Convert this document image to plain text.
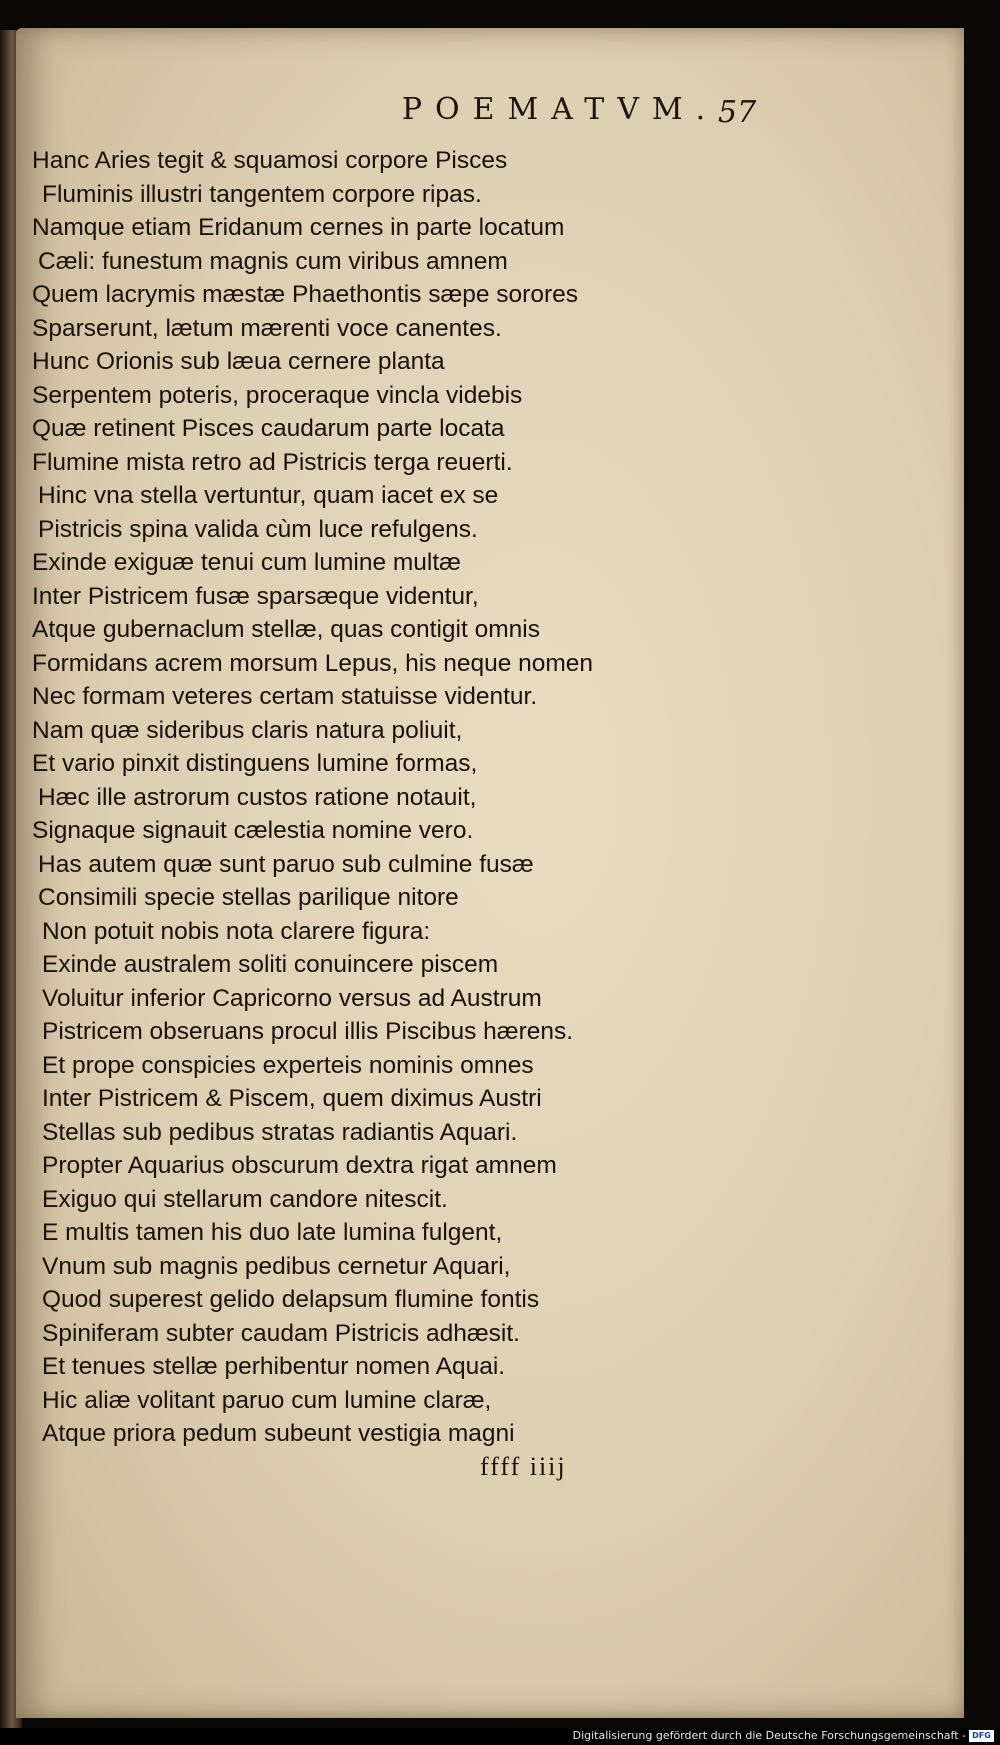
POEMATVM. 57
Hanc Aries tegit & squamosi corpore Pisces
Fluminis illustri tangentem corpore ripas.
Namque etiam Eridanum cernes in parte locatum
Cæli: funestum magnis cum viribus amnem
Quem lacrymis mæstæ Phaethontis sæpe sorores
Sparserunt, lætum mærenti voce canentes.
Hunc Orionis sub læua cernere planta
Serpentem poteris, proceraque vincla videbis
Quæ retinent Pisces caudarum parte locata
Flumine mista retro ad Pistricis terga reuerti.
Hinc vna stella vertuntur, quam iacet ex se
Pistricis spina valida cùm luce refulgens.
Exinde exiguæ tenui cum lumine multæ
Inter Pistricem fusæ sparsæque videntur,
Atque gubernaclum stellæ, quas contigit omnis
Formidans acrem morsum Lepus, his neque nomen
Nec formam veteres certam statuisse videntur.
Nam quæ sideribus claris natura poliuit,
Et vario pinxit distinguens lumine formas,
Hæc ille astrorum custos ratione notauit,
Signaque signauit cælestia nomine vero.
Has autem quæ sunt paruo sub culmine fusæ
Consimili specie stellas parilique nitore
Non potuit nobis nota clarere figura:
Exinde australem soliti conuincere piscem
Voluitur inferior Capricorno versus ad Austrum
Pistricem obseruans procul illis Piscibus hærens.
Et prope conspicies experteis nominis omnes
Inter Pistricem & Piscem, quem diximus Austri
Stellas sub pedibus stratas radiantis Aquari.
Propter Aquarius obscurum dextra rigat amnem
Exiguo qui stellarum candore nitescit.
E multis tamen his duo late lumina fulgent,
Vnum sub magnis pedibus cernetur Aquari,
Quod superest gelido delapsum flumine fontis
Spiniferam subter caudam Pistricis adhæsit.
Et tenues stellæ perhibentur nomen Aquai.
Hic aliæ volitant paruo cum lumine claræ,
Atque priora pedum subeunt vestigia magni
ffff iiij
Digitalisierung gefördert durch die Deutsche Forschungsgemeinschaft - DFG
